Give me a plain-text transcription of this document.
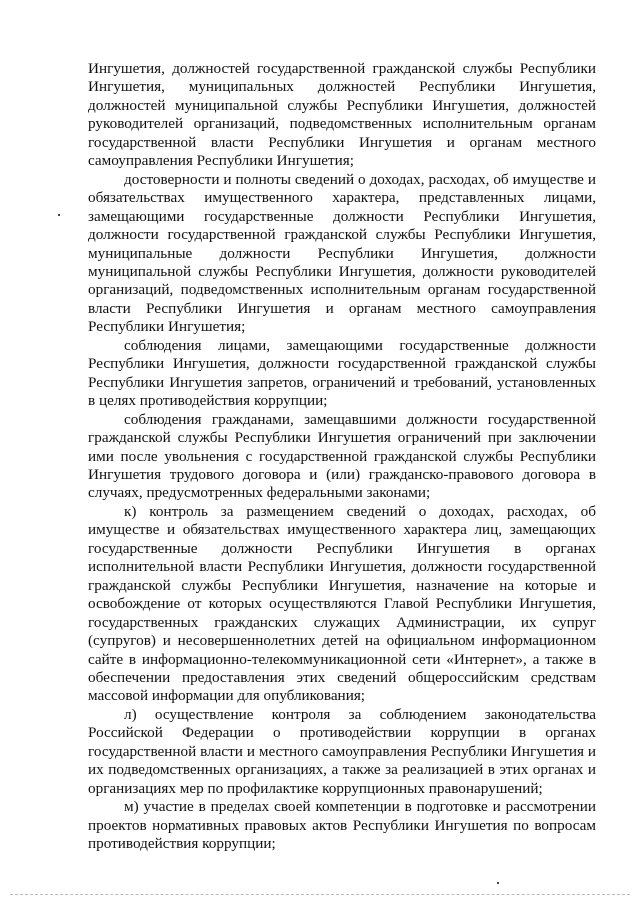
Ингушетия, должностей государственной гражданской службы Республики Ингушетия, муниципальных должностей Республики Ингушетия, должностей муниципальной службы Республики Ингушетия, должностей руководителей организаций, подведомственных исполнительным органам государственной власти Республики Ингушетия и органам местного самоуправления Республики Ингушетия;

достоверности и полноты сведений о доходах, расходах, об имуществе и обязательствах имущественного характера, представленных лицами, замещающими государственные должности Республики Ингушетия, должности государственной гражданской службы Республики Ингушетия, муниципальные должности Республики Ингушетия, должности муниципальной службы Республики Ингушетия, должности руководителей организаций, подведомственных исполнительным органам государственной власти Республики Ингушетия и органам местного самоуправления Республики Ингушетия;

соблюдения лицами, замещающими государственные должности Республики Ингушетия, должности государственной гражданской службы Республики Ингушетия запретов, ограничений и требований, установленных в целях противодействия коррупции;

соблюдения гражданами, замещавшими должности государственной гражданской службы Республики Ингушетия ограничений при заключении ими после увольнения с государственной гражданской службы Республики Ингушетия трудового договора и (или) гражданско-правового договора в случаях, предусмотренных федеральными законами;

к) контроль за размещением сведений о доходах, расходах, об имуществе и обязательствах имущественного характера лиц, замещающих государственные должности Республики Ингушетия в органах исполнительной власти Республики Ингушетия, должности государственной гражданской службы Республики Ингушетия, назначение на которые и освобождение от которых осуществляются Главой Республики Ингушетия, государственных гражданских служащих Администрации, их супруг (супругов) и несовершеннолетних детей на официальном информационном сайте в информационно-телекоммуникационной сети «Интернет», а также в обеспечении предоставления этих сведений общероссийским средствам массовой информации для опубликования;

л) осуществление контроля за соблюдением законодательства Российской Федерации о противодействии коррупции в органах государственной власти и местного самоуправления Республики Ингушетия и их подведомственных организациях, а также за реализацией в этих органах и организациях мер по профилактике коррупционных правонарушений;

м) участие в пределах своей компетенции в подготовке и рассмотрении проектов нормативных правовых актов Республики Ингушетия по вопросам противодействия коррупции;
